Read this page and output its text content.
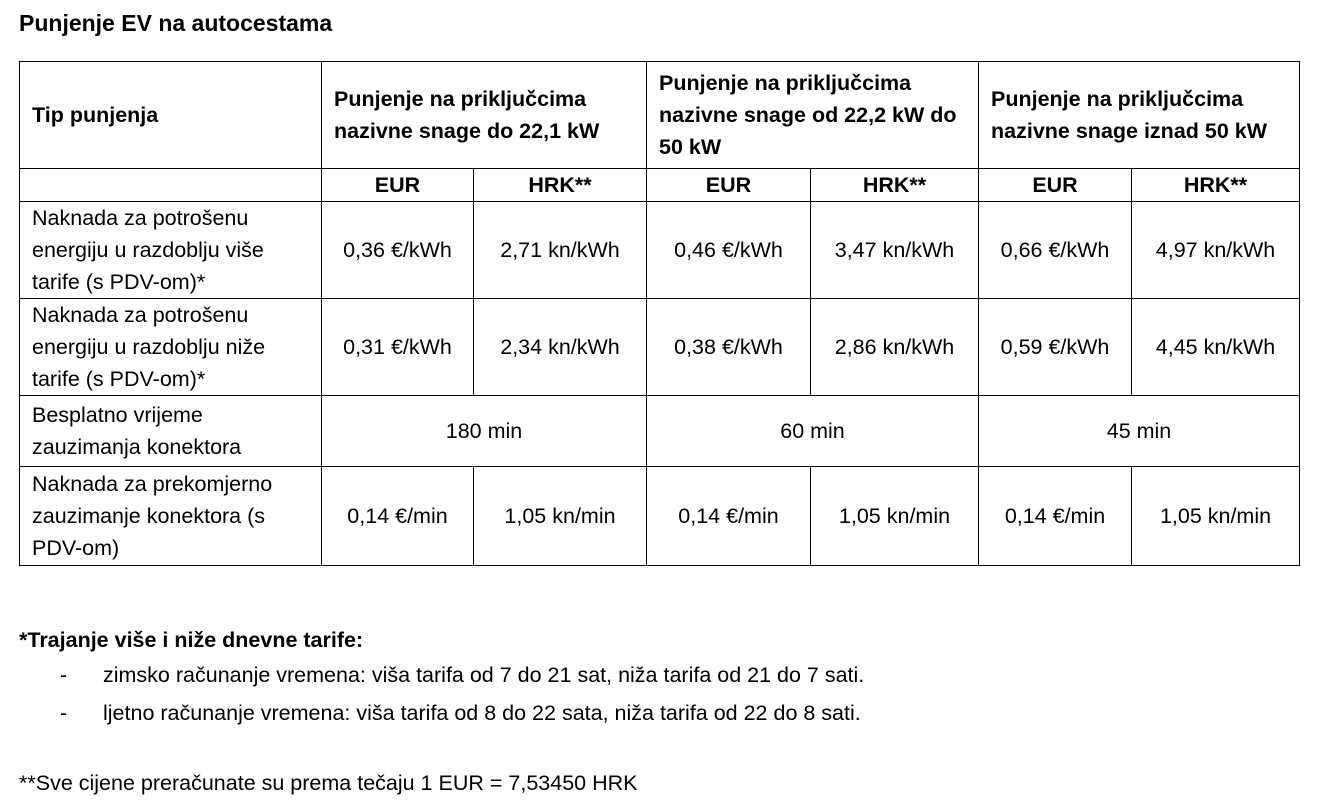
Punjenje EV na autocestama
Tip punjenja	Punjenje na priključcima nazivne snage do 22,1 kW		Punjenje na priključcima nazivne snage od 22,2 kW do 50 kW		Punjenje na priključcima nazivne snage iznad 50 kW	
	EUR	HRK**	EUR	HRK**	EUR	HRK**
Naknada za potrošenu energiju u razdoblju više tarife (s PDV-om)*	0,36 €/kWh	2,71 kn/kWh	0,46 €/kWh	3,47 kn/kWh	0,66 €/kWh	4,97 kn/kWh
Naknada za potrošenu energiju u razdoblju niže tarife (s PDV-om)*	0,31 €/kWh	2,34 kn/kWh	0,38 €/kWh	2,86 kn/kWh	0,59 €/kWh	4,45 kn/kWh
Besplatno vrijeme zauzimanja konektora	180 min		60 min		45 min	
Naknada za prekomjerno zauzimanje konektora (s PDV-om)	0,14 €/min	1,05 kn/min	0,14 €/min	1,05 kn/min	0,14 €/min	1,05 kn/min
*Trajanje više i niže dnevne tarife:
- zimsko računanje vremena: viša tarifa od 7 do 21 sat, niža tarifa od 21 do 7 sati.
- ljetno računanje vremena: viša tarifa od 8 do 22 sata, niža tarifa od 22 do 8 sati.
**Sve cijene preračunate su prema tečaju 1 EUR = 7,53450 HRK
